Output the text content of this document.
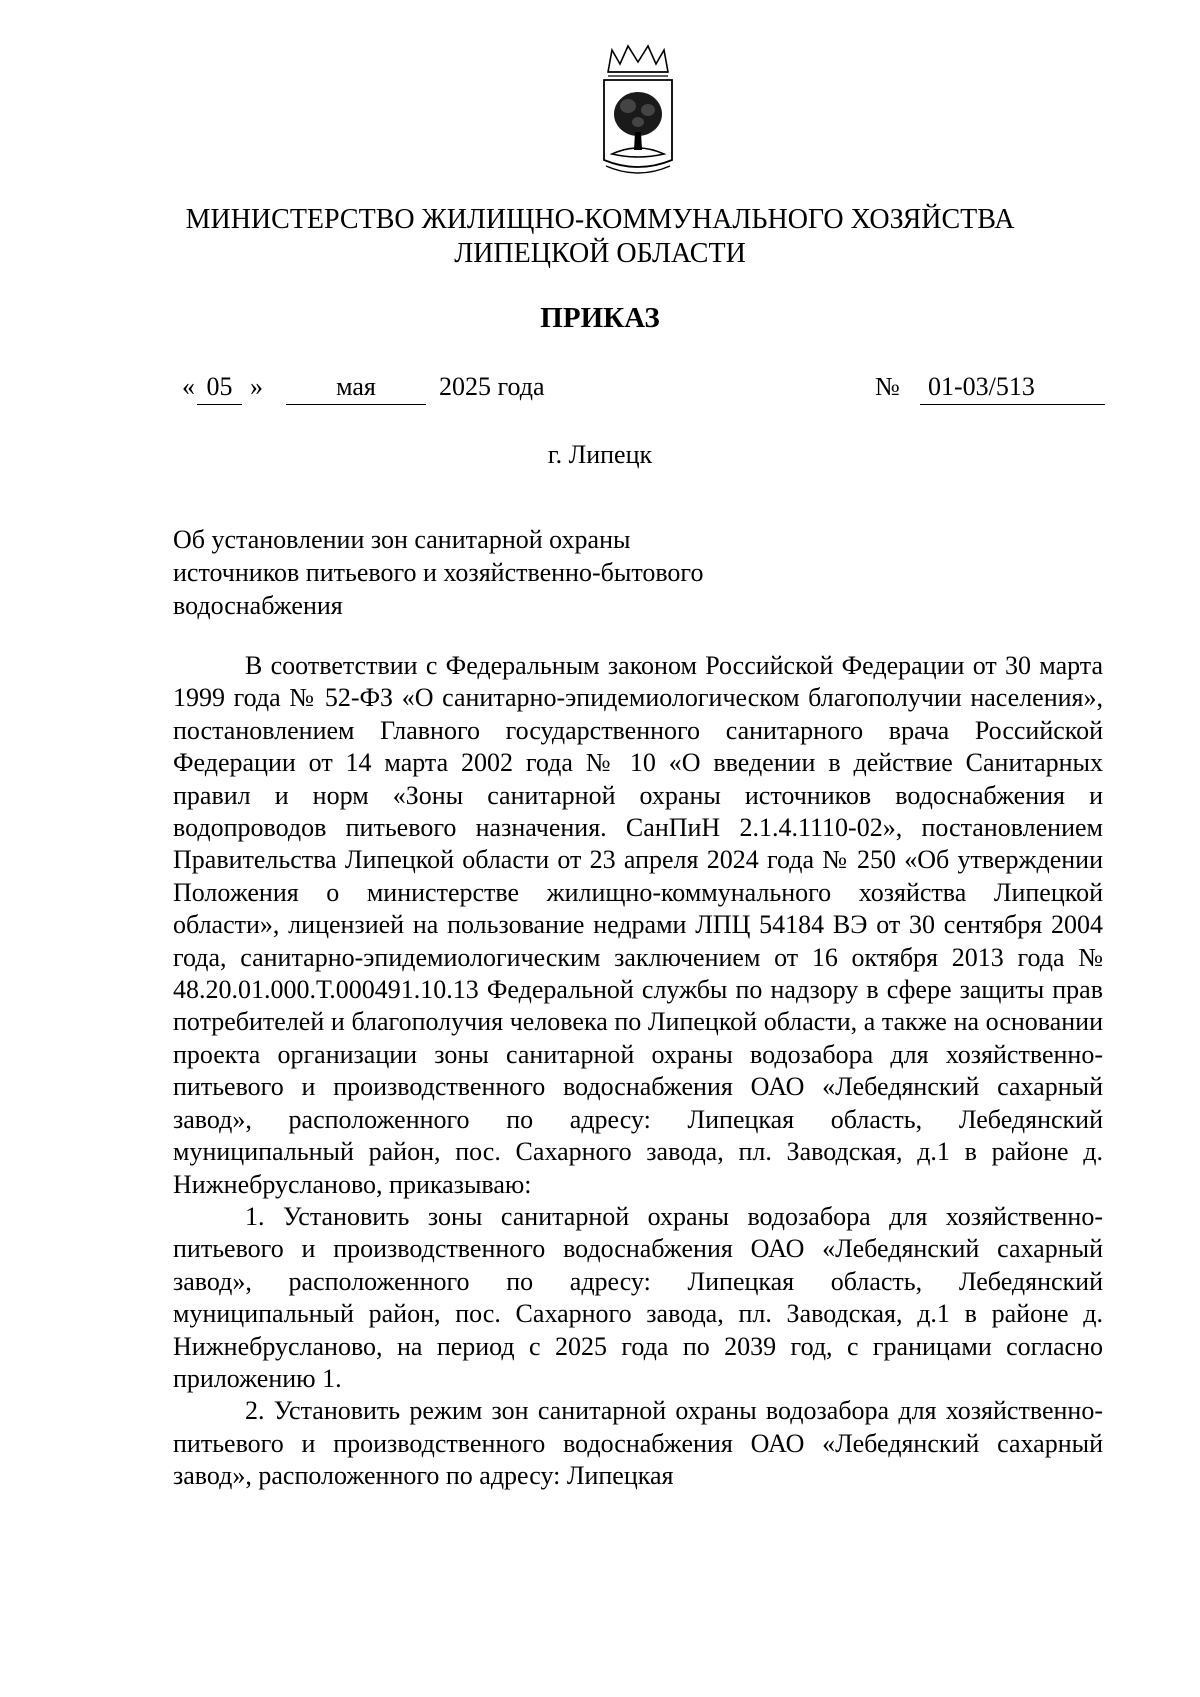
МИНИСТЕРСТВО ЖИЛИЩНО-КОММУНАЛЬНОГО ХОЗЯЙСТВА
ЛИПЕЦКОЙ ОБЛАСТИ
ПРИКАЗ
« 05 »	мая	2025 года	№	01-03/513
г. Липецк
Об установлении зон санитарной охраны
источников питьевого и хозяйственно-бытового
водоснабжения

В соответствии с Федеральным законом Российской Федерации от 30 марта 1999 года № 52-ФЗ «О санитарно-эпидемиологическом благополучии населения», постановлением Главного государственного санитарного врача Российской Федерации от 14 марта 2002 года № 10 «О введении в действие Санитарных правил и норм «Зоны санитарной охраны источников водоснабжения и водопроводов питьевого назначения. СанПиН 2.1.4.1110-02», постановлением Правительства Липецкой области от 23 апреля 2024 года № 250 «Об утверждении Положения о министерстве жилищно-коммунального хозяйства Липецкой области», лицензией на пользование недрами ЛПЦ 54184 ВЭ от 30 сентября 2004 года, санитарно-эпидемиологическим заключением от 16 октября 2013 года № 48.20.01.000.Т.000491.10.13 Федеральной службы по надзору в сфере защиты прав потребителей и благополучия человека по Липецкой области, а также на основании проекта организации зоны санитарной охраны водозабора для хозяйственно-питьевого и производственного водоснабжения ОАО «Лебедянский сахарный завод», расположенного по адресу: Липецкая область, Лебедянский муниципальный район, пос. Сахарного завода, пл. Заводская, д.1 в районе д. Нижнебрусланово, приказываю:

1. Установить зоны санитарной охраны водозабора для хозяйственно-питьевого и производственного водоснабжения ОАО «Лебедянский сахарный завод», расположенного по адресу: Липецкая область, Лебедянский муниципальный район, пос. Сахарного завода, пл. Заводская, д.1 в районе д. Нижнебрусланово, на период с 2025 года по 2039 год, с границами согласно приложению 1.

2. Установить режим зон санитарной охраны водозабора для хозяйственно-питьевого и производственного водоснабжения ОАО «Лебедянский сахарный завод», расположенного по адресу: Липецкая
